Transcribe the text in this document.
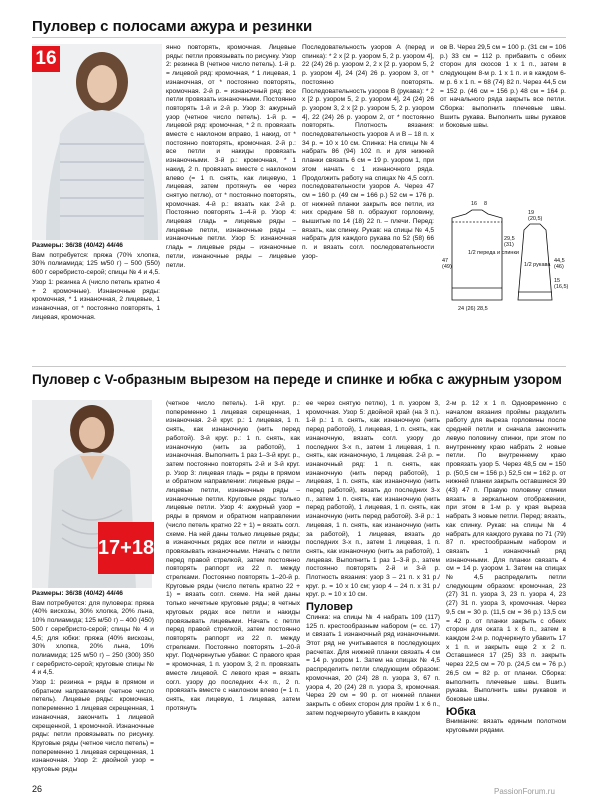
Пуловер с полосами ажура и резинки
16

Размеры: 36/38 (40/42) 44/46

Вам потребуется: пряжа (70% хлопка, 30% полиамида; 125 м/50 г) – 500 (550) 600 г серебристо-серой; спицы № 4 и 4,5.

Узор 1: резинка А (число петель кратно 4 + 2 кромочные). Изнаночные ряды: кромочная, * 1 изнаночная, 2 лицевые, 1 изнаночная, от * постоянно повторять, 1 лицевая, кромочная.

янно повторять, кромочная. Лицевые ряды: петли провязывать по рисунку. Узор 2: резинка В (четное число петель). 1-й р. = лицевой ряд: кромочная, * 1 лицевая, 1 изнаночная, от * постоянно повторять, кромочная. 2-й р. = изнаночный ряд: все петли провязать изнаночными. Постоянно повторять 1-й и 2-й р. Узор 3: ажурный узор (четное число петель). 1-й р. = лицевой ряд: кромочная, * 2 п. провязать вместе с наклоном вправо, 1 накид, от * постоянно повторять, кромочная. 2-й р.: все петли и накиды провязать изнаночными. 3-й р.: кромочная, * 1 накид, 2 п. провязать вместе с наклоном влево (= 1 п. снять, как лицевую, 1 лицевая, затем протянуть ее через снятую петлю), от * постоянно повторять, кромочная. 4-й р.: вязать как 2-й р. Постоянно повторять 1–4-й р. Узор 4: лицевая гладь = лицевые ряды – лицевые петли, изнаночные ряды – изнаночные петли. Узор 5: изнаночная гладь = лицевые ряды – изнаночные петли, изнаночные ряды – лицевые петли.

Последовательность узоров А (перед и спинка): * 2 x [2 р. узором 5, 2 р. узором 4], 22 (24) 26 р. узором 2, 2 x [2 р. узором 5, 2 р. узором 4], 24 (24) 26 р. узором 3, от * постоянно повторять. Последовательность узоров В (рукава): * 2 x [2 р. узором 5, 2 р. узором 4], 24 (24) 26 р. узором 3, 2 x [2 р. узором 5, 2 р. узором 4], 22 (24) 26 р. узором 2, от * постоянно повторять. Плотность вязания: последовательность узоров А и В – 18 п. x 34 р. = 10 x 10 см. Спинка: На спицы № 4 набрать 86 (94) 102 п. и для нижней планки связать 6 см = 19 р. узором 1, при этом начать с 1 изнаночного ряда. Продолжить работу на спицах № 4,5 согл. последовательности узоров А. Через 47 см = 160 р. (49 см = 166 р.) 52 см = 176 р. от нижней планки закрыть все петли, из них средние 58 п. образуют горловину, вышитые по 14 (18) 22 п. – плечи. Перед: вязать, как спинку. Рукав: на спицы № 4,5 набрать для каждого рукава по 52 (58) 66 п. и вязать согл. последовательности узор-

ов В. Через 29,5 см = 100 р. (31 см = 106 р.) 33 см = 112 р. прибавить с обеих сторон для скосов 1 x 1 п., затем в следующем 8-м р. 1 x 1 п. и в каждом 6-м р. 6 x 1 п. = 68 (74) 82 п. Через 44,5 см = 152 р. (46 см = 156 р.) 48 см = 164 р. от начального ряда закрыть все петли. Сборка: выполнить плечевые швы. Вшить рукава. Выполнить швы рукавов и боковые швы.

1/2 переда и спинки
1/2 рукава
16 8
19
(20,5)
29,5
(31)
47
(49)
44,5
(46)
15
(16,5)
24 (26) 28,5
Пуловер с V-образным вырезом на переде и спинке и юбка с ажурным узором
17+18

Размеры: 36/38 (40/42) 44/46

Вам потребуется: для пуловера: пряжа (40% вискозы, 30% хлопка, 20% льна, 10% полиамида; 125 м/50 г) – 400 (450) 500 г серебристо-серой; спицы № 4 и 4,5; для юбки: пряжа (40% вискозы, 30% хлопка, 20% льна, 10% полиамида; 125 м/50 г) – 250 (300) 350 г серебристо-серой; круговые спицы № 4 и 4,5.

Узор 1: резинка = ряды в прямом и обратном направлении (четное число петель). Лицевые ряды: кромочная, попеременно 1 лицевая скрещенная, 1 изнаночная, закончить 1 лицевой скрещенной, 1 кромочной. Изнаночные ряды: петли провязывать по рисунку. Круговые ряды (четное число петель) = попеременно 1 лицевая скрещенная, 1 изнаночная. Узор 2: двойной узор = круговые ряды

(четное число петель). 1-й круг. р.: попеременно 1 лицевая скрещенная, 1 изнаночная. 2-й круг. р.: 1 лицевая, 1 п. снять, как изнаночную (нить перед работой). 3-й круг. р.: 1 п. снять, как изнаночную (нить за работой), 1 изнаночная. Выполнить 1 раз 1–3-й круг. р., затем постоянно повторять 2-й и 3-й круг. р. Узор 3: лицевая гладь = ряды в прямом и обратном направлении: лицевые ряды – лицевые петли, изнаночные ряды – изнаночные петли. Круговые ряды: только лицевые петли. Узор 4: ажурный узор = ряды в прямом и обратном направлении (число петель кратно 22 + 1) = вязать согл. схеме. На ней даны только лицевые ряды; в изнаночных рядах все петли и накиды провязывать изнаночными. Начать с петли перед правой стрелкой, затем постоянно повторять раппорт из 22 п. между стрелками. Постоянно повторять 1–20-й р. Круговые ряды (число петель кратно 22 + 1) = вязать согл. схеме. На ней даны только нечетные круговые ряды; в четных круговых рядах все петли и накиды провязывать лицевыми. Начать с петли перед правой стрелкой, затем постоянно повторять раппорт из 22 п. между стрелками. Постоянно повторять 1–20-й круг. Подчеркнутые убавки: С правого края = кромочная, 1 п. узором 3, 2 п. провязать вместе лицевой. С левого края = вязать согл. узору до последних 4-х п., 2 п. провязать вместе с наклоном влево (= 1 п. снять, как лицевую, 1 лицевая, затем протянуть

ее через снятую петлю), 1 п. узором 3, кромочная. Узор 5: двойной край (на 3 п.). 1-й р.: 1 п. снять, как изнаночную (нить перед работой), 1 лицевая, 1 п. снять, как изнаночную, вязать согл. узору до последних 3-х п., затем 1 лицевая, 1 п. снять, как изнаночную, 1 лицевая. 2-й р. = изнаночный ряд: 1 п. снять, как изнаночную (нить перед работой), 1 лицевая, 1 п. снять, как изнаночную (нить перед работой), вязать до последних 3-х п., затем 1 п. снять, как изнаночную (нить перед работой), 1 лицевая, 1 п. снять, как изнаночную (нить перед работой). 3-й р.: 1 лицевая, 1 п. снять, как изнаночную (нить за работой), 1 лицевая, вязать до последних 3-х п., затем 1 лицевая, 1 п. снять, как изнаночную (нить за работой), 1 лицевая. Выполнить 1 раз 1–3-й р., затем постоянно повторять 2-й и 3-й р. Плотность вязания: узор 3 – 21 п. x 31 р./круг. р. = 10 x 10 см; узор 4 – 24 п. x 31 р./круг. р. = 10 x 10 см.

Пуловер

Спинка: на спицы № 4 набрать 109 (117) 125 п. крестообразным набором (= сс. 17) и связать 1 изнаночный ряд изнаночными. Этот ряд не учитывается в последующих расчетах. Для нижней планки связать 4 см = 14 р. узором 1. Затем на спицах № 4,5 распределить петли следующим образом: кромочная, 20 (24) 28 п. узора 3, 67 п. узора 4, 20 (24) 28 п. узора 3, кромочная. Через 29 см = 90 р. от нижней планки закрыть с обеих сторон для пройм 1 x 6 п., затем подчеркнуто убавить в каждом

2-м р. 12 x 1 п. Одновременно с началом вязания проймы разделить работу для выреза горловины после средней петли и сначала закончить левую половину спинки, при этом по внутреннему краю набрать 2 новые петли. По внутреннему краю провязать узор 5. Через 48,5 см = 150 р. (50,5 см = 156 р.) 52,5 см = 162 р. от нижней планки закрыть оставшиеся 39 (43) 47 п. Правую половину спинки вязать в зеркальном отображении, при этом в 1-м р. у края выреза набрать 3 новые петли. Перед: вязать, как спинку. Рукав: на спицы № 4 набрать для каждого рукава по 71 (79) 87 п. крестообразным набором и связать 1 изнаночный ряд изнаночными. Для планки связать 4 см = 14 р. узором 1. Затем на спицах № 4,5 распределить петли следующим образом: кромочная, 23 (27) 31 п. узора 3, 23 п. узора 4, 23 (27) 31 п. узора 3, кромочная. Через 9,5 см = 30 р. (11,5 см = 36 р.) 13,5 см = 42 р. от планки закрыть с обеих сторон для оката 1 x 6 п., затем в каждом 2-м р. подчеркнуто убавить 17 x 1 п. и закрыть еще 2 x 2 п. Оставшиеся 17 (25) 33 п. закрыть через 22,5 см = 70 р. (24,5 см = 76 р.) 26,5 см = 82 р. от планки. Сборка: выполнить плечевые швы. Вшить рукава. Выполнить швы рукавов и боковые швы.

Юбка

Внимание: вязать единым полотном круговыми рядами.

26	PassionForum.ru
